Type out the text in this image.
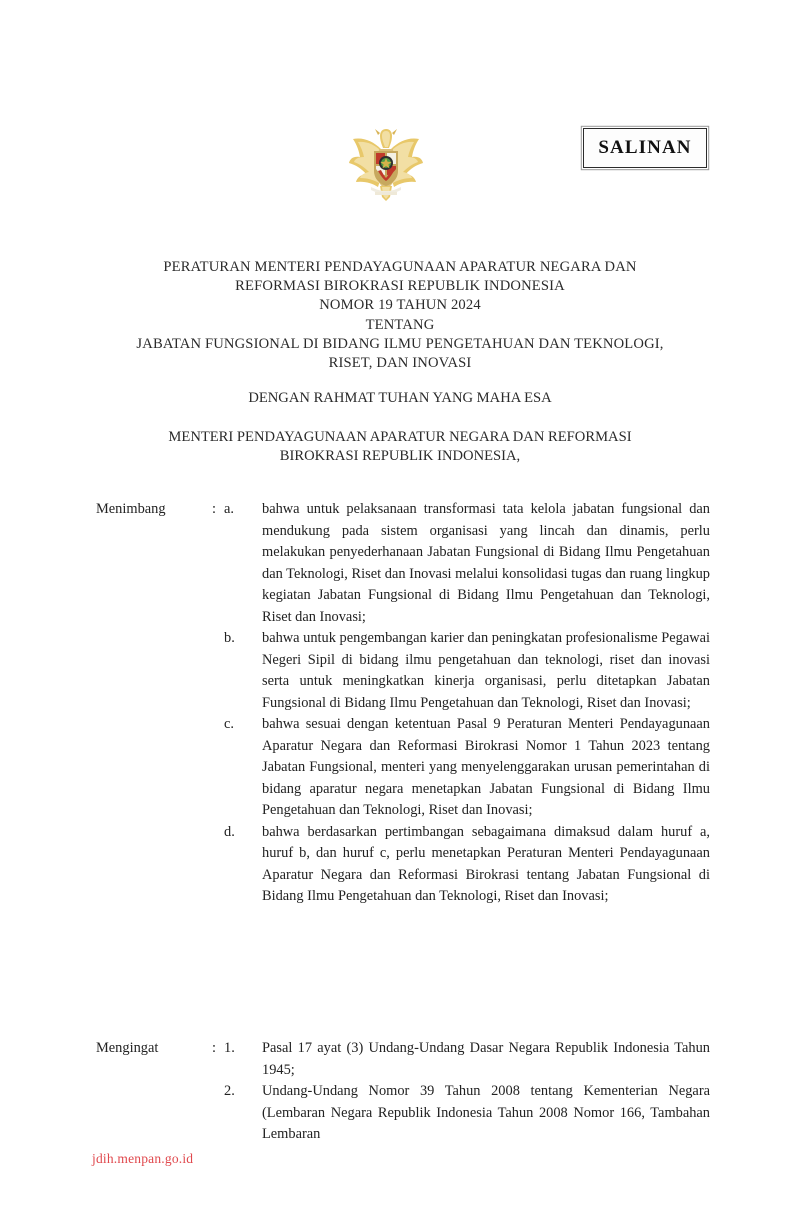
SALINAN
PERATURAN MENTERI PENDAYAGUNAAN APARATUR NEGARA DAN
REFORMASI BIROKRASI REPUBLIK INDONESIA
NOMOR 19 TAHUN 2024
TENTANG
JABATAN FUNGSIONAL DI BIDANG ILMU PENGETAHUAN DAN TEKNOLOGI,
RISET, DAN INOVASI
DENGAN RAHMAT TUHAN YANG MAHA ESA
MENTERI PENDAYAGUNAAN APARATUR NEGARA DAN REFORMASI
BIROKRASI REPUBLIK INDONESIA,
Menimbang	: a.	bahwa untuk pelaksanaan transformasi tata kelola jabatan fungsional dan mendukung pada sistem organisasi yang lincah dan dinamis, perlu melakukan penyederhanaan Jabatan Fungsional di Bidang Ilmu Pengetahuan dan Teknologi, Riset dan Inovasi melalui konsolidasi tugas dan ruang lingkup kegiatan Jabatan Fungsional di Bidang Ilmu Pengetahuan dan Teknologi, Riset dan Inovasi;
b.	bahwa untuk pengembangan karier dan peningkatan profesionalisme Pegawai Negeri Sipil di bidang ilmu pengetahuan dan teknologi, riset dan inovasi serta untuk meningkatkan kinerja organisasi, perlu ditetapkan Jabatan Fungsional di Bidang Ilmu Pengetahuan dan Teknologi, Riset dan Inovasi;
c.	bahwa sesuai dengan ketentuan Pasal 9 Peraturan Menteri Pendayagunaan Aparatur Negara dan Reformasi Birokrasi Nomor 1 Tahun 2023 tentang Jabatan Fungsional, menteri yang menyelenggarakan urusan pemerintahan di bidang aparatur negara menetapkan Jabatan Fungsional di Bidang Ilmu Pengetahuan dan Teknologi, Riset dan Inovasi;
d.	bahwa berdasarkan pertimbangan sebagaimana dimaksud dalam huruf a, huruf b, dan huruf c, perlu menetapkan Peraturan Menteri Pendayagunaan Aparatur Negara dan Reformasi Birokrasi tentang Jabatan Fungsional di Bidang Ilmu Pengetahuan dan Teknologi, Riset dan Inovasi;
Mengingat	: 1.	Pasal 17 ayat (3) Undang-Undang Dasar Negara Republik Indonesia Tahun 1945;
2.	Undang-Undang Nomor 39 Tahun 2008 tentang Kementerian Negara (Lembaran Negara Republik Indonesia Tahun 2008 Nomor 166, Tambahan Lembaran
jdih.menpan.go.id
